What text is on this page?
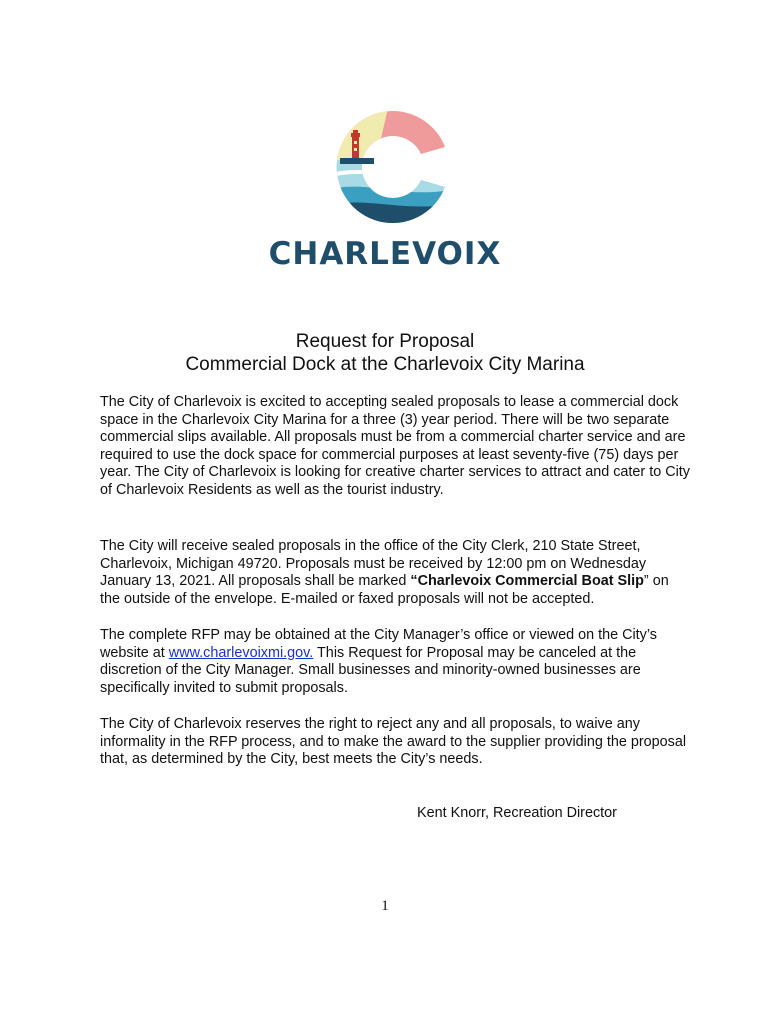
CHARLEVOIX
Request for Proposal
Commercial Dock at the Charlevoix City Marina

The City of Charlevoix is excited to accepting sealed proposals to lease a commercial dock space in the Charlevoix City Marina for a three (3) year period. There will be two separate commercial slips available. All proposals must be from a commercial charter service and are required to use the dock space for commercial purposes at least seventy-five (75) days per year. The City of Charlevoix is looking for creative charter services to attract and cater to City of Charlevoix Residents as well as the tourist industry.

The City will receive sealed proposals in the office of the City Clerk, 210 State Street, Charlevoix, Michigan 49720. Proposals must be received by 12:00 pm on Wednesday January 13, 2021. All proposals shall be marked “Charlevoix Commercial Boat Slip” on the outside of the envelope. E-mailed or faxed proposals will not be accepted.

The complete RFP may be obtained at the City Manager’s office or viewed on the City’s website at www.charlevoixmi.gov. This Request for Proposal may be canceled at the discretion of the City Manager. Small businesses and minority-owned businesses are specifically invited to submit proposals.

The City of Charlevoix reserves the right to reject any and all proposals, to waive any informality in the RFP process, and to make the award to the supplier providing the proposal that, as determined by the City, best meets the City’s needs.

Kent Knorr, Recreation Director
1
